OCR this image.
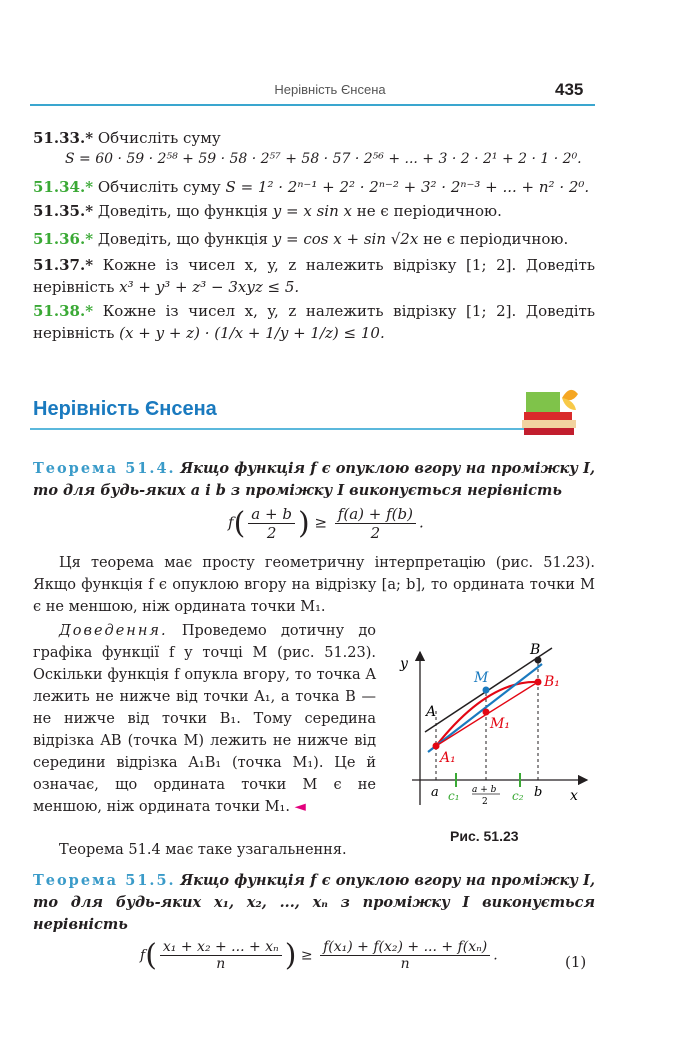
Нерівність Єнсена	435

51.33.* Обчисліть суму

S = 60 · 59 · 2⁵⁸ + 59 · 58 · 2⁵⁷ + 58 · 57 · 2⁵⁶ + ... + 3 · 2 · 2¹ + 2 · 1 · 2⁰.

51.34.* Обчисліть суму S = 1² · 2ⁿ⁻¹ + 2² · 2ⁿ⁻² + 3² · 2ⁿ⁻³ + ... + n² · 2⁰.

51.35.* Доведіть, що функція y = x sin x не є періодичною.

51.36.* Доведіть, що функція y = cos x + sin √2x не є періодичною.

51.37.* Кожне із чисел x, y, z належить відрізку [1; 2]. Доведіть нерівність x³ + y³ + z³ − 3xyz ≤ 5.

51.38.* Кожне із чисел x, y, z належить відрізку [1; 2]. Доведіть нерівність (x + y + z) · (1/x + 1/y + 1/z) ≤ 10.

Нерівність Єнсена

Теорема 51.4. Якщо функція f є опуклою вгору на проміжку I, то для будь-яких a і b з проміжку I виконується нерівність

$f( \frac{a + b}{2}$ ) ≥ $\frac{f(a) + f(b)}{2}$ .

Ця теорема має просту геометричну інтерпретацію (рис. 51.23). Якщо функція f є опуклою вгору на відрізку [a; b], то ордината точки M є не меншою, ніж ордината точки M₁.

Доведення. Проведемо дотичну до графіка функції f у точці M (рис. 51.23). Оскільки функція f опукла вгору, то точка A лежить не нижче від точки A₁, а точка B — не нижче від точки B₁. Тому середина відрізка AB (точка M) лежить не нижче від середини відрізка A₁B₁ (точка M₁). Це й означає, що ордината точки M є не меншою, ніж ордината точки M₁. ◄

Теорема 51.4 має таке узагальнення.

y
x
A
B
M
M₁
A₁
B₁
a	b
c₁	c₂
a + b
2
Рис. 51.23

Теорема 51.5. Якщо функція f є опуклою вгору на проміжку I, то для будь-яких x₁, x₂, ..., xₙ з проміжку I виконується нерівність

$f( \frac{\text{x₁ + x₂ + ... + xₙ}}{n}$ ) ≥ $\frac{\text{f(x₁) + f(x₂) + ... + f(xₙ)}}{n}$ .	(1)
